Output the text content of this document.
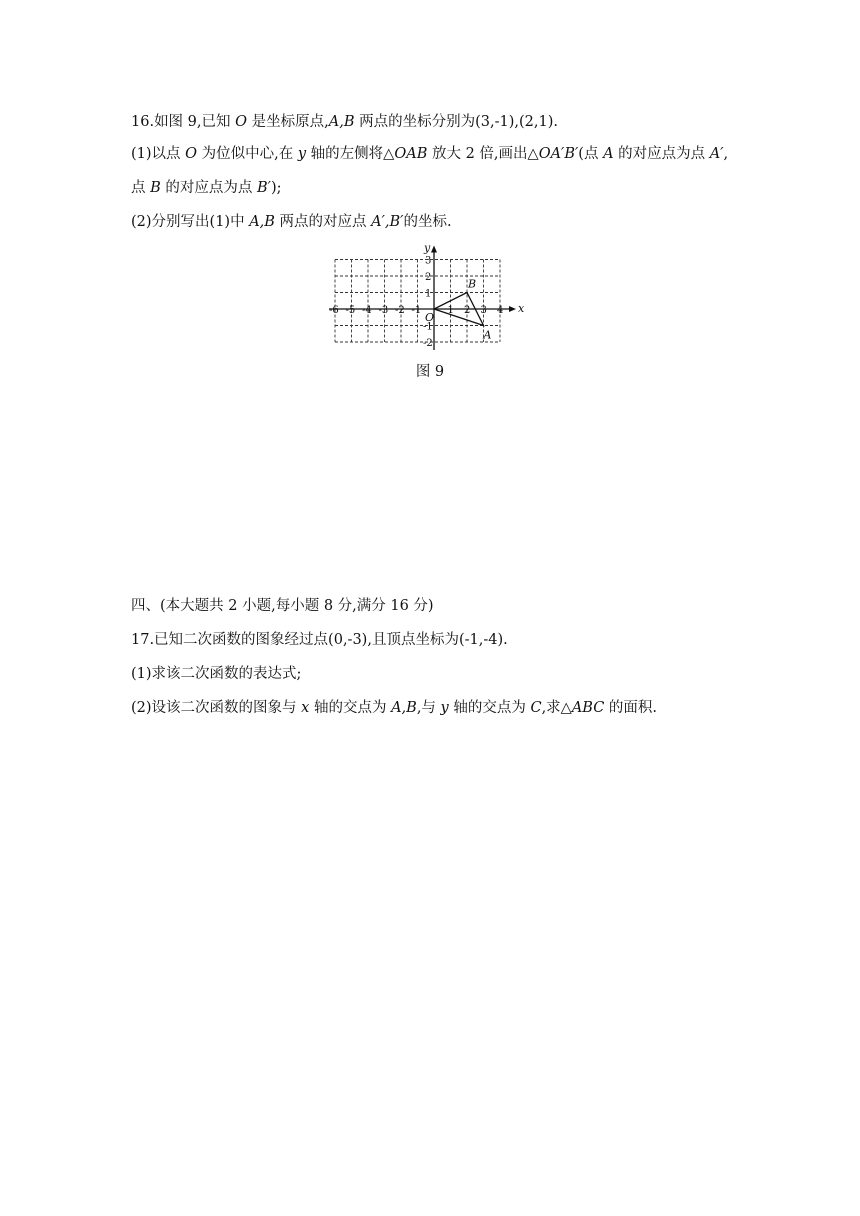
16.如图 9,已知 O 是坐标原点,A,B 两点的坐标分别为(3,-1),(2,1).
(1)以点 O 为位似中心,在 y 轴的左侧将△OAB 放大 2 倍,画出△OA′B′(点 A 的对应点为点 A′,
点 B 的对应点为点 B′);
(2)分别写出(1)中 A,B 两点的对应点 A′,B′的坐标.
-6 -5 -4 -3 -2 -1	1 2 3 4
3
2
1
-1
-2
x
y
O
A
B
图 9
四、(本大题共 2 小题,每小题 8 分,满分 16 分)
17.已知二次函数的图象经过点(0,-3),且顶点坐标为(-1,-4).
(1)求该二次函数的表达式;
(2)设该二次函数的图象与 x 轴的交点为 A,B,与 y 轴的交点为 C,求△ABC 的面积.
